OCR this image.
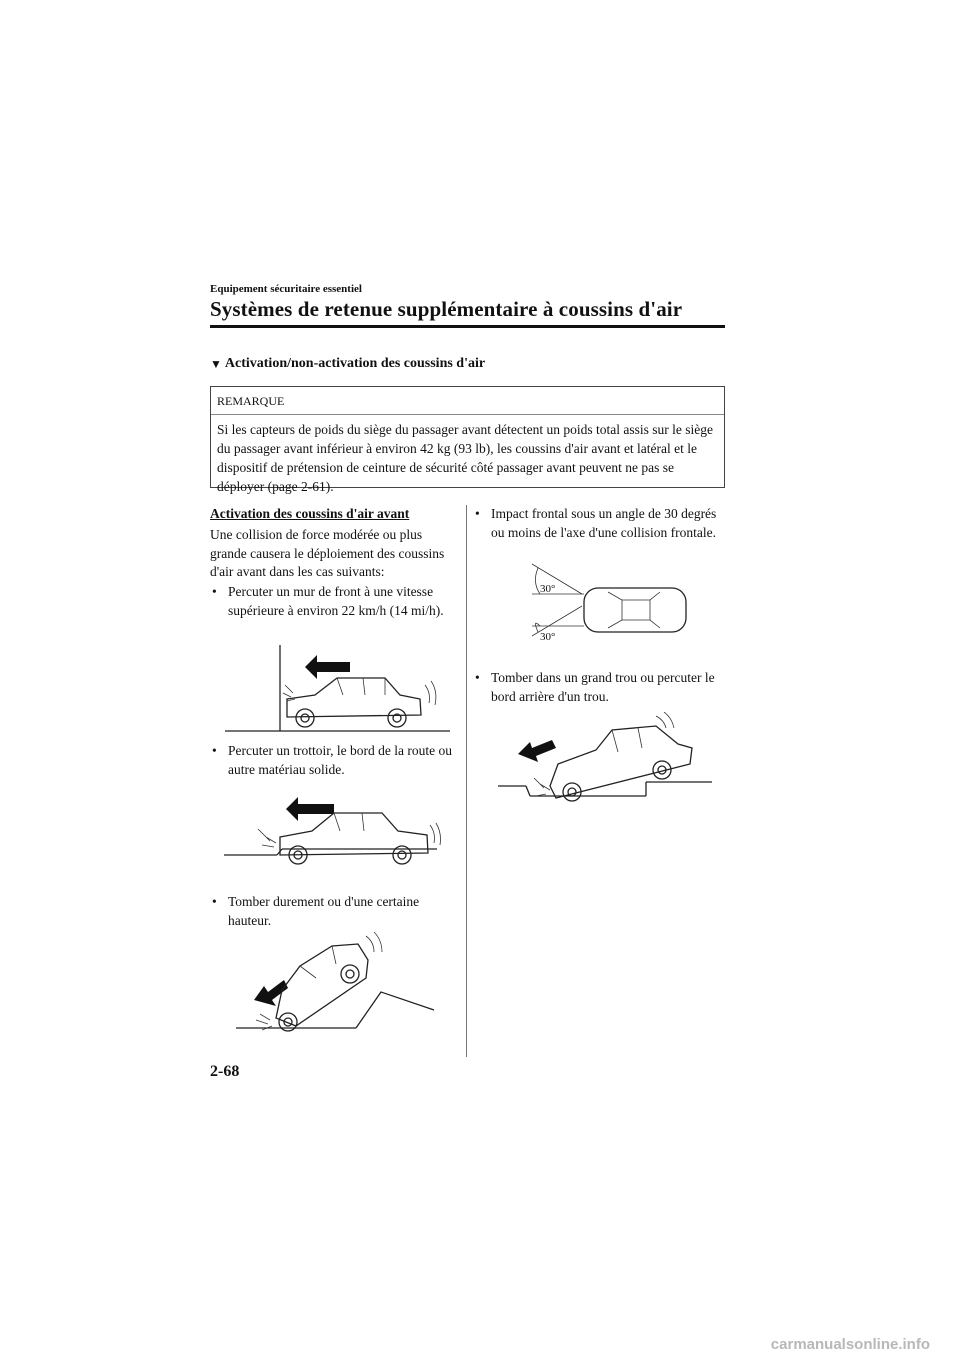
Equipement sécuritaire essentiel
Systèmes de retenue supplémentaire à coussins d'air
▼ Activation/non-activation des coussins d'air
REMARQUE
Si les capteurs de poids du siège du passager avant détectent un poids total assis sur le siège du passager avant inférieur à environ 42 kg (93 lb), les coussins d'air avant et latéral et le dispositif de prétension de ceinture de sécurité côté passager avant peuvent ne pas se déployer (page 2-61).
Activation des coussins d'air avant
Une collision de force modérée ou plus grande causera le déploiement des coussins d'air avant dans les cas suivants:
• Percuter un mur de front à une vitesse supérieure à environ 22 km/h (14 mi/h).
• Percuter un trottoir, le bord de la route ou autre matériau solide.
• Tomber durement ou d'une certaine hauteur.
• Impact frontal sous un angle de 30 degrés ou moins de l'axe d'une collision frontale.
30°
30°
• Tomber dans un grand trou ou percuter le bord arrière d'un trou.
2-68
carmanualsonline.info
